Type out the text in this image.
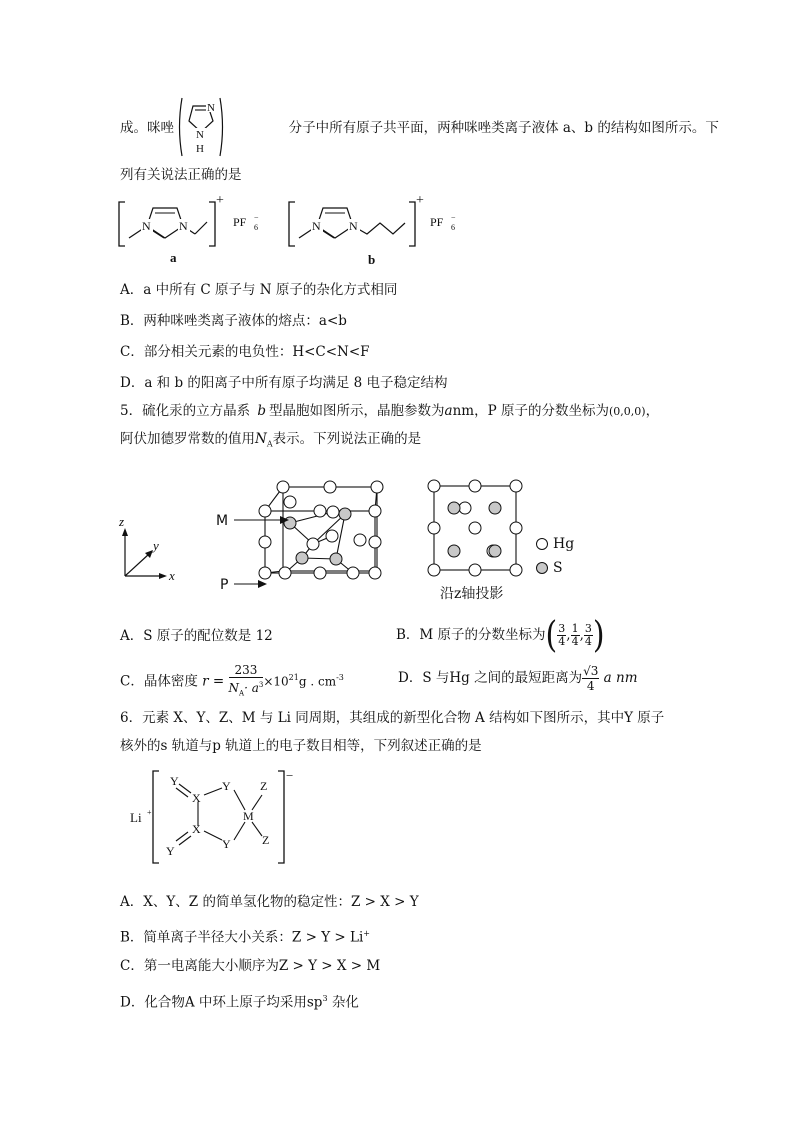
成。咪唑	分子中所有原子共平面，两种咪唑类离子液体 a、b 的结构如图所示。下
N
N
H
列有关说法正确的是
N N
+
PF −
6
a
N N
+
PF −
6
b
A．a 中所有 C 原子与 N 原子的杂化方式相同
B．两种咪唑类离子液体的熔点：a<b
C．部分相关元素的电负性：H<C<N<F
D．a 和 b 的阳离子中所有原子均满足 8 电子稳定结构
5．硫化汞的立方晶系 b 型晶胞如图所示，晶胞参数为anm，P 原子的分数坐标为(0,0,0)，
阿伏加德罗常数的值用$N_A$表示。下列说法正确的是
z
y
x
M
P
沿z轴投影
Hg
S
A．S 原子的配位数是 12	B．M 原子的分数坐标为( $\frac{3}{4}$ , $\frac{1}{4}$ , $\frac{3}{4}$ )
C．晶体密度 $r = \frac{233}{N_A\cdot a^3} \times 10^{21}g$ . $cm^{-3}$	D．S 与Hg 之间的最短距离为 $\frac{√3}{4}$ a nm
6．元素 X、Y、Z、M 与 Li 同周期，其组成的新型化合物 A 结构如下图所示，其中Y 原子
核外的s 轨道与p 轨道上的电子数目相等，下列叙述正确的是
Li +
−
Y
X
Y Z
M
X
Y	Z
Y
A．X、Y、Z 的简单氢化物的稳定性：Z > X > Y
B．简单离子半径大小关系：Z > Y > Li+
C．第一电离能大小顺序为Z > Y > X > M
D．化合物A 中环上原子均采用$sp^3$ 杂化
